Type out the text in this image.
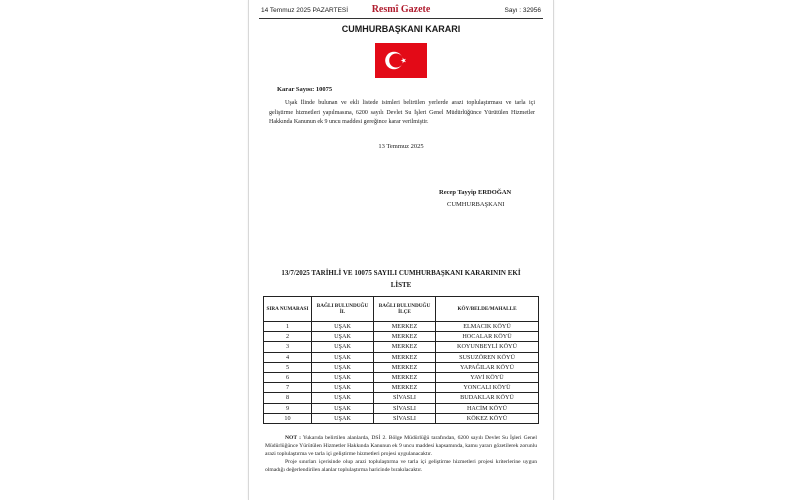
14 Temmuz 2025 PAZARTESİ	Resmî Gazete	Sayı : 32956
CUMHURBAŞKANI KARARI
Karar Sayısı: 10075
Uşak İlinde bulunan ve ekli listede isimleri belirtilen yerlerde arazi toplulaştırması ve tarla içi geliştirme hizmetleri yapılmasına, 6200 sayılı Devlet Su İşleri Genel Müdürlüğünce Yürütülen Hizmetler Hakkında Kanunun ek 9 uncu maddesi gereğince karar verilmiştir.
13 Temmuz 2025
Recep Tayyip ERDOĞAN
CUMHURBAŞKANI
13/7/2025 TARİHLİ VE 10075 SAYILI CUMHURBAŞKANI KARARININ EKİ
LİSTE
SIRA NUMARASI	BAĞLI BULUNDUĞU İL	BAĞLI BULUNDUĞU İLÇE	KÖY/BELDE/MAHALLE
1	UŞAK	MERKEZ	ELMACIK KÖYÜ
2	UŞAK	MERKEZ	HOCALAR KÖYÜ
3	UŞAK	MERKEZ	KOYUNBEYLİ KÖYÜ
4	UŞAK	MERKEZ	SUSUZÖREN KÖYÜ
5	UŞAK	MERKEZ	YAPAĞILAR KÖYÜ
6	UŞAK	MERKEZ	YAVİ KÖYÜ
7	UŞAK	MERKEZ	YONCALI KÖYÜ
8	UŞAK	SİVASLI	BUDAKLAR KÖYÜ
9	UŞAK	SİVASLI	HACİM KÖYÜ
10	UŞAK	SİVASLI	KÖKEZ KÖYÜ
NOT : Yukarıda belirtilen alanlarda, DSİ 2. Bölge Müdürlüğü tarafından, 6200 sayılı Devlet Su İşleri Genel Müdürlüğünce Yürütülen Hizmetler Hakkında Kanunun ek 9 uncu maddesi kapsamında, kamu yararı gözetilerek zorunlu arazi toplulaştırma ve tarla içi geliştirme hizmetleri projesi uygulanacaktır.
Proje sınırları içerisinde olup arazi toplulaştırma ve tarla içi geliştirme hizmetleri projesi kriterlerine uygun olmadığı değerlendirilen alanlar toplulaştırma haricinde bırakılacaktır.
